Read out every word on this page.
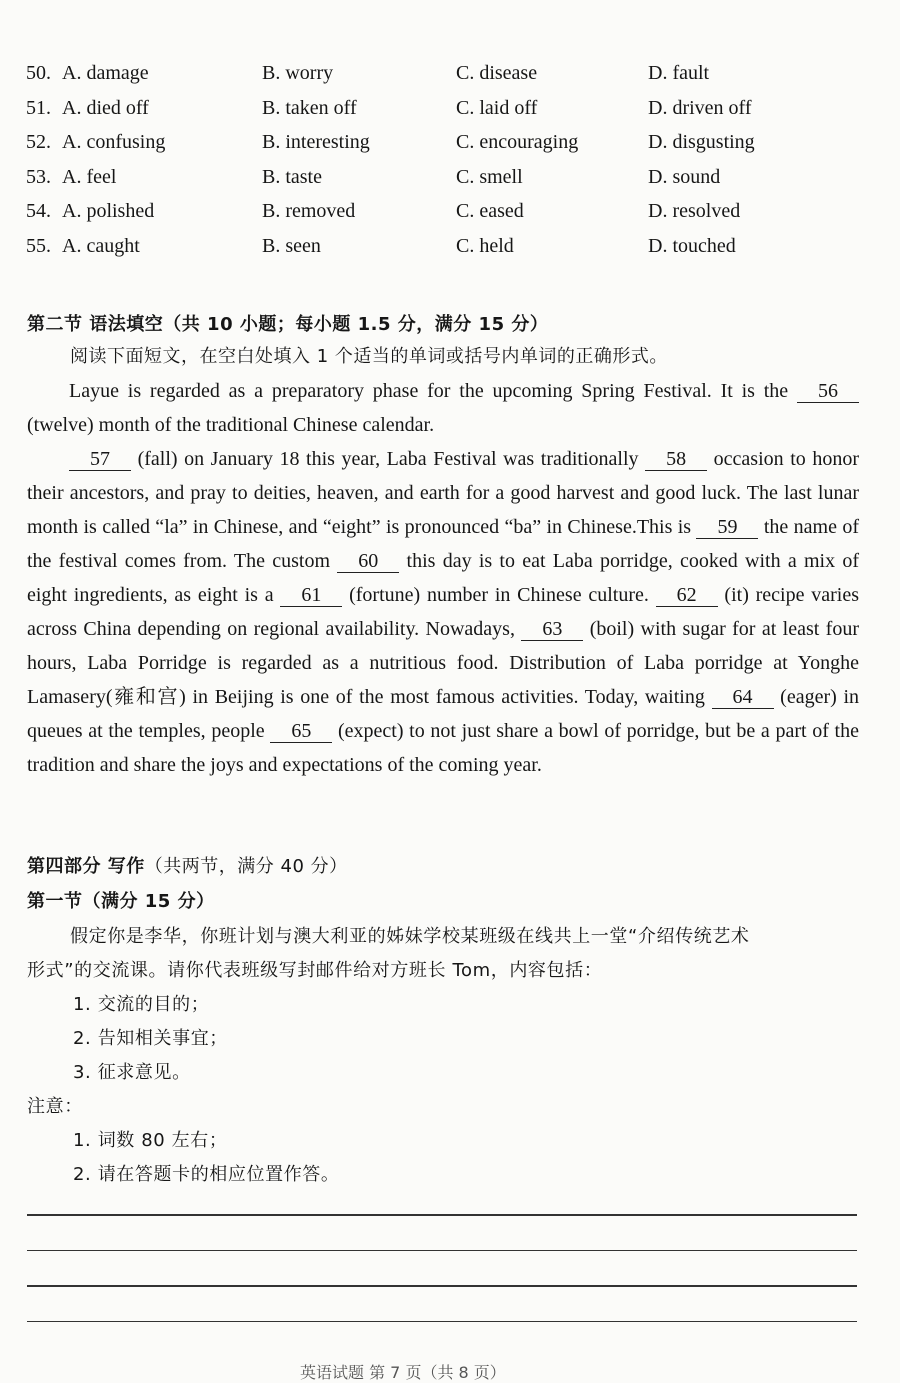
50. A. damage	B. worry	C. disease	D. fault
51. A. died off	B. taken off	C. laid off	D. driven off
52. A. confusing	B. interesting	C. encouraging	D. disgusting
53. A. feel	B. taste	C. smell	D. sound
54. A. polished	B. removed	C. eased	D. resolved
55. A. caught	B. seen	C. held	D. touched
第二节 语法填空（共 10 小题；每小题 1.5 分，满分 15 分）
阅读下面短文，在空白处填入 1 个适当的单词或括号内单词的正确形式。

Layue is regarded as a preparatory phase for the upcoming Spring Festival. It is the 56 (twelve) month of the traditional Chinese calendar.

57 (fall) on January 18 this year, Laba Festival was traditionally 58 occasion to honor their ancestors, and pray to deities, heaven, and earth for a good harvest and good luck. The last lunar month is called “la” in Chinese, and “eight” is pronounced “ba” in Chinese.This is 59 the name of the festival comes from. The custom 60 this day is to eat Laba porridge, cooked with a mix of eight ingredients, as eight is a 61 (fortune) number in Chinese culture. 62 (it) recipe varies across China depending on regional availability. Nowadays, 63 (boil) with sugar for at least four hours, Laba Porridge is regarded as a nutritious food. Distribution of Laba porridge at Yonghe Lamasery(雍和宫) in Beijing is one of the most famous activities. Today, waiting 64 (eager) in queues at the temples, people 65 (expect) to not just share a bowl of porridge, but be a part of the tradition and share the joys and expectations of the coming year.

第四部分 写作（共两节，满分 40 分）
第一节（满分 15 分）
假定你是李华，你班计划与澳大利亚的姊妹学校某班级在线共上一堂“介绍传统艺术
形式”的交流课。请你代表班级写封邮件给对方班长 Tom，内容包括：
1. 交流的目的；
2. 告知相关事宜；
3. 征求意见。
注意：
1. 词数 80 左右；
2. 请在答题卡的相应位置作答。
英语试题 第 7 页（共 8 页）
